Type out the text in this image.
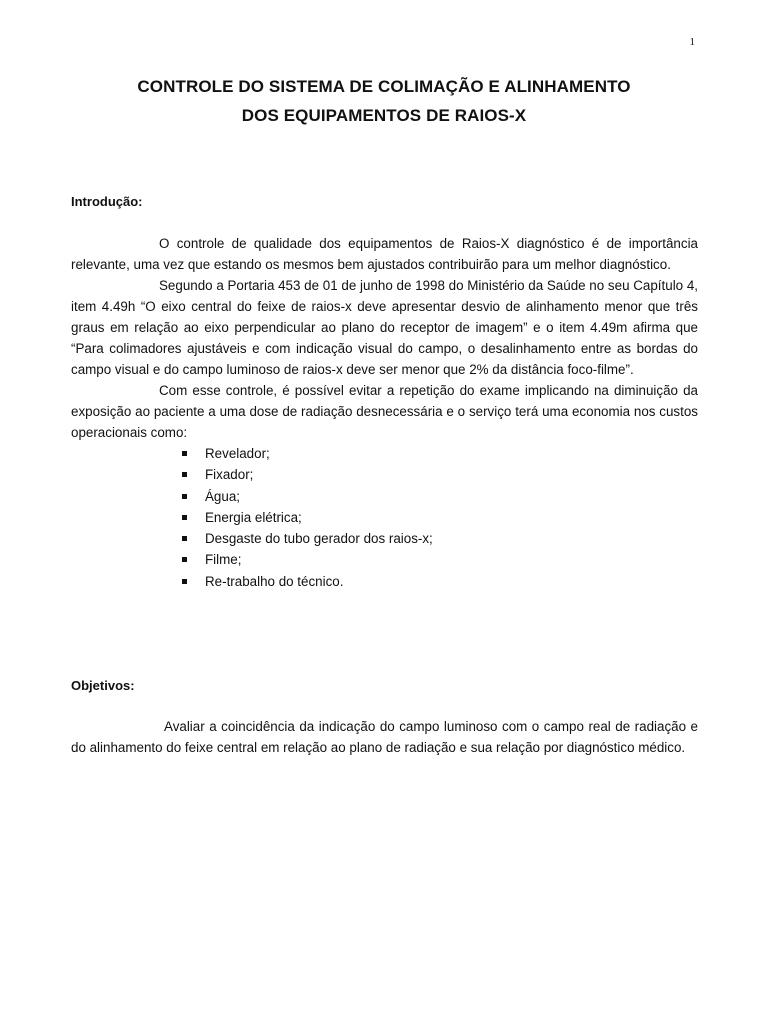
1
CONTROLE DO SISTEMA DE COLIMAÇÃO E ALINHAMENTO
DOS EQUIPAMENTOS DE RAIOS-X
Introdução:

O controle de qualidade dos equipamentos de Raios-X diagnóstico é de importância relevante, uma vez que estando os mesmos bem ajustados contribuirão para um melhor diagnóstico.

Segundo a Portaria 453 de 01 de junho de 1998 do Ministério da Saúde no seu Capítulo 4, item 4.49h “O eixo central do feixe de raios-x deve apresentar desvio de alinhamento menor que três graus em relação ao eixo perpendicular ao plano do receptor de imagem” e o item 4.49m afirma que “Para colimadores ajustáveis e com indicação visual do campo, o desalinhamento entre as bordas do campo visual e do campo luminoso de raios-x deve ser menor que 2% da distância foco-filme”.

Com esse controle, é possível evitar a repetição do exame implicando na diminuição da exposição ao paciente a uma dose de radiação desnecessária e o serviço terá uma economia nos custos operacionais como:

Revelador;
Fixador;
Água;
Energia elétrica;
Desgaste do tubo gerador dos raios-x;
Filme;
Re-trabalho do técnico.
Objetivos:

Avaliar a coincidência da indicação do campo luminoso com o campo real de radiação e do alinhamento do feixe central em relação ao plano de radiação e sua relação por diagnóstico médico.
